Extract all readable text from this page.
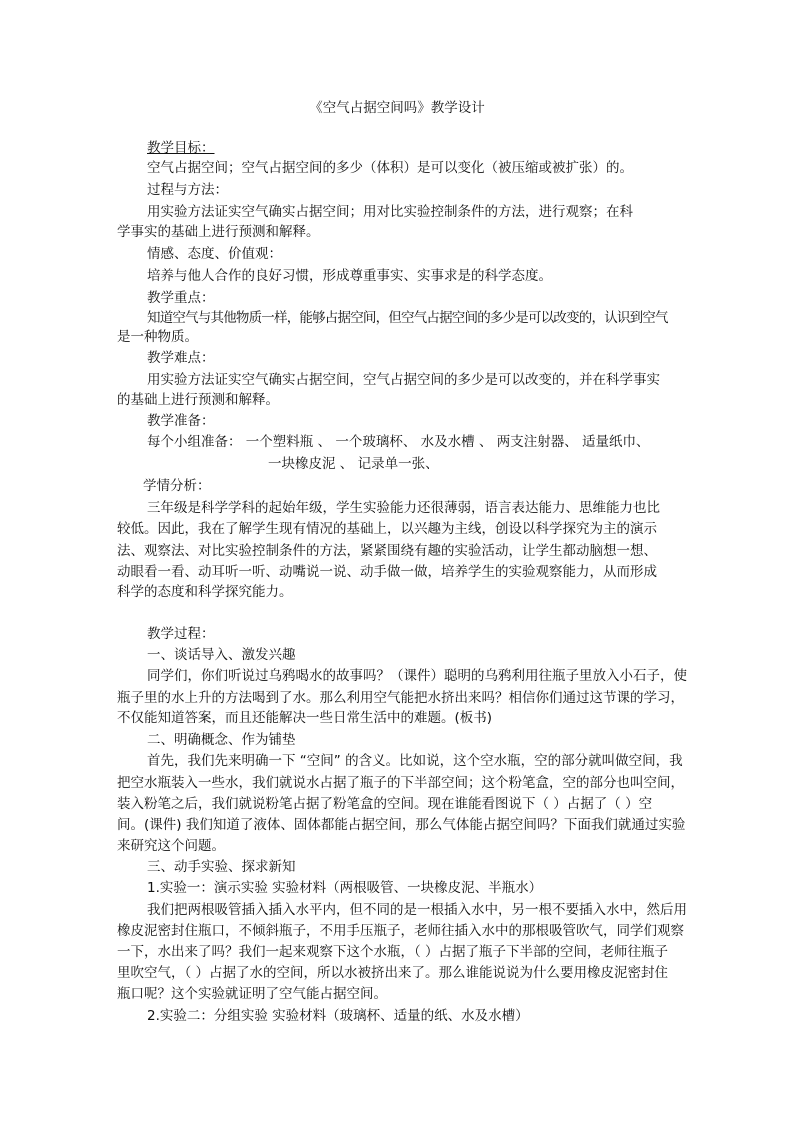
《空气占据空间吗》教学设计
教学目标：
空气占据空间；空气占据空间的多少（体积）是可以变化（被压缩或被扩张）的。
过程与方法：
用实验方法证实空气确实占据空间；用对比实验控制条件的方法，进行观察；在科
学事实的基础上进行预测和解释。
情感、态度、价值观：
培养与他人合作的良好习惯，形成尊重事实、实事求是的科学态度。
教学重点：
知道空气与其他物质一样，能够占据空间，但空气占据空间的多少是可以改变的，认识到空气
是一种物质。
教学难点：
用实验方法证实空气确实占据空间，空气占据空间的多少是可以改变的，并在科学事实
的基础上进行预测和解释。
教学准备：
每个小组准备： 一个塑料瓶 、 一个玻璃杯、 水及水槽 、 两支注射器、 适量纸巾、
一块橡皮泥 、 记录单一张、
学情分析：
三年级是科学学科的起始年级，学生实验能力还很薄弱，语言表达能力、思维能力也比
较低。因此，我在了解学生现有情况的基础上，以兴趣为主线，创设以科学探究为主的演示
法、观察法、对比实验控制条件的方法，紧紧围绕有趣的实验活动，让学生都动脑想一想、
动眼看一看、动耳听一听、动嘴说一说、动手做一做，培养学生的实验观察能力，从而形成
科学的态度和科学探究能力。
教学过程：
一、谈话导入、激发兴趣
同学们，你们听说过乌鸦喝水的故事吗？（课件）聪明的乌鸦利用往瓶子里放入小石子，使
瓶子里的水上升的方法喝到了水。那么利用空气能把水挤出来吗？相信你们通过这节课的学习，
不仅能知道答案，而且还能解决一些日常生活中的难题。(板书)
二、明确概念、作为铺垫
首先，我们先来明确一下 “空间” 的含义。比如说，这个空水瓶，空的部分就叫做空间，我
把空水瓶装入一些水，我们就说水占据了瓶子的下半部空间；这个粉笔盒，空的部分也叫空间，
装入粉笔之后，我们就说粉笔占据了粉笔盒的空间。现在谁能看图说下（ ）占据了（ ）空
间。(课件) 我们知道了液体、固体都能占据空间，那么气体能占据空间吗？下面我们就通过实验
来研究这个问题。
三、动手实验、探求新知
1.实验一：演示实验 实验材料（两根吸管、一块橡皮泥、半瓶水）
我们把两根吸管插入插入水平内，但不同的是一根插入水中，另一根不要插入水中，然后用
橡皮泥密封住瓶口，不倾斜瓶子，不用手压瓶子，老师往插入水中的那根吸管吹气，同学们观察
一下，水出来了吗？我们一起来观察下这个水瓶，（ ）占据了瓶子下半部的空间，老师往瓶子
里吹空气，（ ）占据了水的空间，所以水被挤出来了。那么谁能说说为什么要用橡皮泥密封住
瓶口呢？这个实验就证明了空气能占据空间。
2.实验二：分组实验 实验材料（玻璃杯、适量的纸、水及水槽）
